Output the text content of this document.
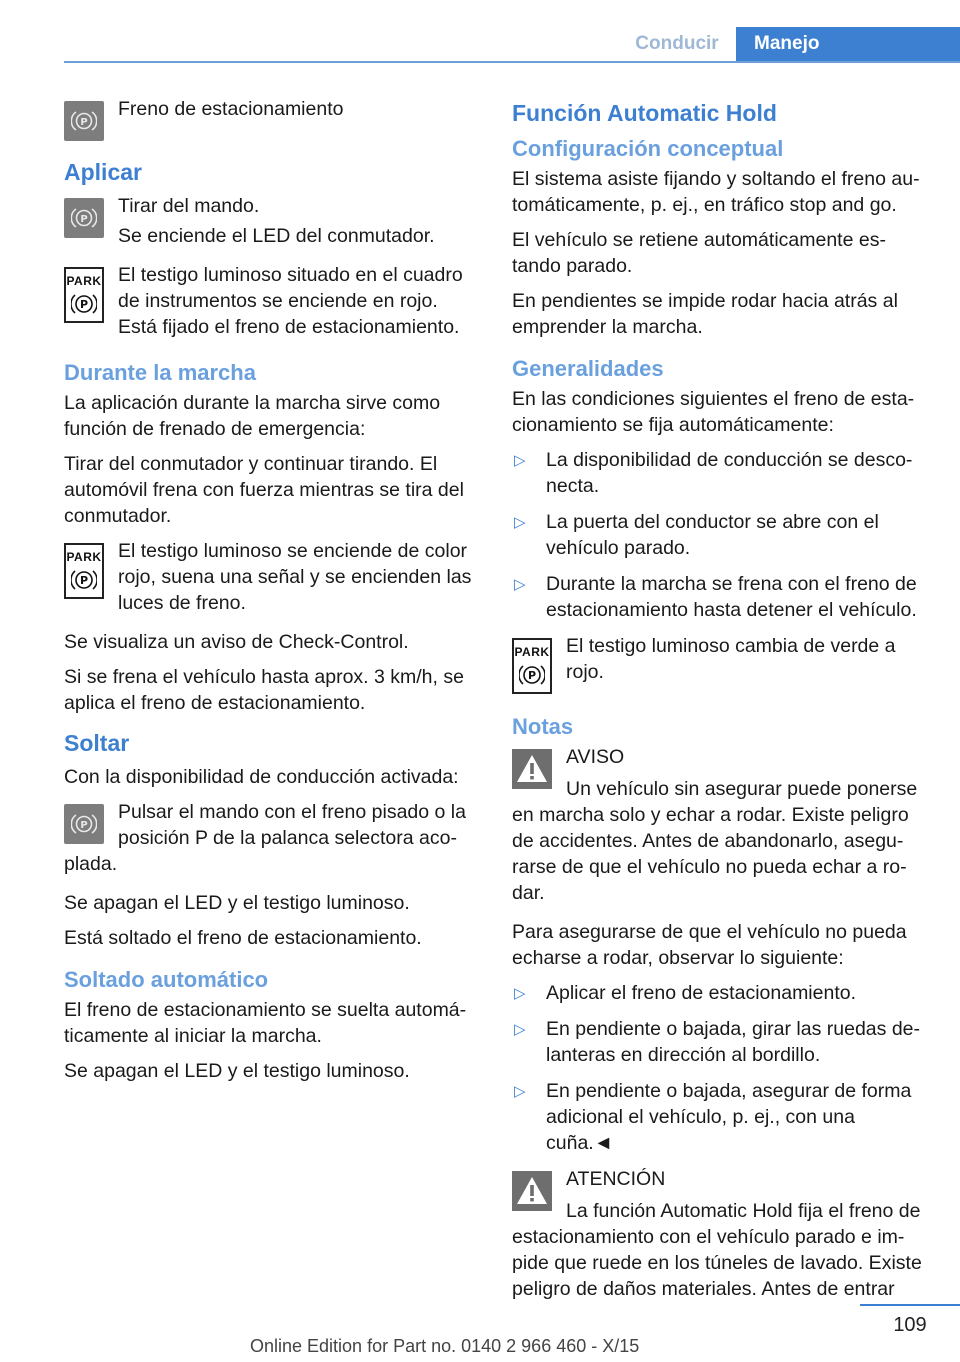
Conducir	Manejo
P

Freno de estacionamiento

Aplicar
P

Tirar del mando.

Se enciende el LED del conmutador.

PARK
P

El testigo luminoso situado en el cuadro de instrumentos se enciende en rojo. Está fijado el freno de estacionamiento.

Durante la marcha

La aplicación durante la marcha sirve como función de frenado de emergencia:

Tirar del conmutador y continuar tirando. El automóvil frena con fuerza mientras se tira del conmutador.

PARK
P

El testigo luminoso se enciende de color rojo, suena una señal y se encienden las luces de freno.

Se visualiza un aviso de Check-Control.

Si se frena el vehículo hasta aprox. 3 km/h, se aplica el freno de estacionamiento.

Soltar

Con la disponibilidad de conducción activada:

P

Pulsar el mando con el freno pisado o la posición P de la palanca selectora acoplada.

Se apagan el LED y el testigo luminoso.

Está soltado el freno de estacionamiento.

Soltado automático

El freno de estacionamiento se suelta automáticamente al iniciar la marcha.

Se apagan el LED y el testigo luminoso.

Función Automatic Hold
Configuración conceptual

El sistema asiste fijando y soltando el freno automáticamente, p. ej., en tráfico stop and go.

El vehículo se retiene automáticamente estando parado.

En pendientes se impide rodar hacia atrás al emprender la marcha.

Generalidades

En las condiciones siguientes el freno de estacionamiento se fija automáticamente:

▷ La disponibilidad de conducción se desconecta.
▷ La puerta del conductor se abre con el vehículo parado.
▷ Durante la marcha se frena con el freno de estacionamiento hasta detener el vehículo.
PARK
P

El testigo luminoso cambia de verde a rojo.

Notas

AVISO

Un vehículo sin asegurar puede ponerse en marcha solo y echar a rodar. Existe peligro de accidentes. Antes de abandonarlo, asegurarse de que el vehículo no pueda echar a rodar.

Para asegurarse de que el vehículo no pueda echarse a rodar, observar lo siguiente:

▷ Aplicar el freno de estacionamiento.
▷ En pendiente o bajada, girar las ruedas delanteras en dirección al bordillo.
▷ En pendiente o bajada, asegurar de forma adicional el vehículo, p. ej., con una cuña.◄

ATENCIÓN

La función Automatic Hold fija el freno de estacionamiento con el vehículo parado e impide que ruede en los túneles de lavado. Existe peligro de daños materiales. Antes de entrar

109
Online Edition for Part no. 0140 2 966 460 - X/15
